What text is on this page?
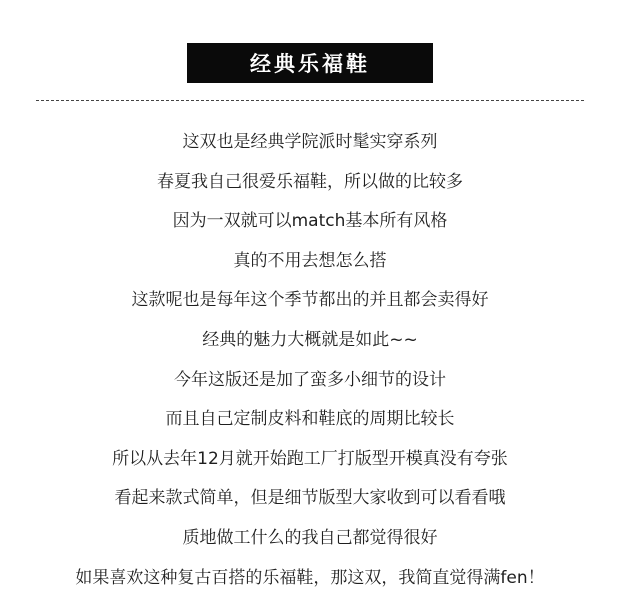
经典乐福鞋
这双也是经典学院派时髦实穿系列
春夏我自己很爱乐福鞋，所以做的比较多
因为一双就可以match基本所有风格
真的不用去想怎么搭
这款呢也是每年这个季节都出的并且都会卖得好
经典的魅力大概就是如此~~
今年这版还是加了蛮多小细节的设计
而且自己定制皮料和鞋底的周期比较长
所以从去年12月就开始跑工厂打版型开模真没有夸张
看起来款式简单，但是细节版型大家收到可以看看哦
质地做工什么的我自己都觉得很好
如果喜欢这种复古百搭的乐福鞋，那这双，我简直觉得满fen！
